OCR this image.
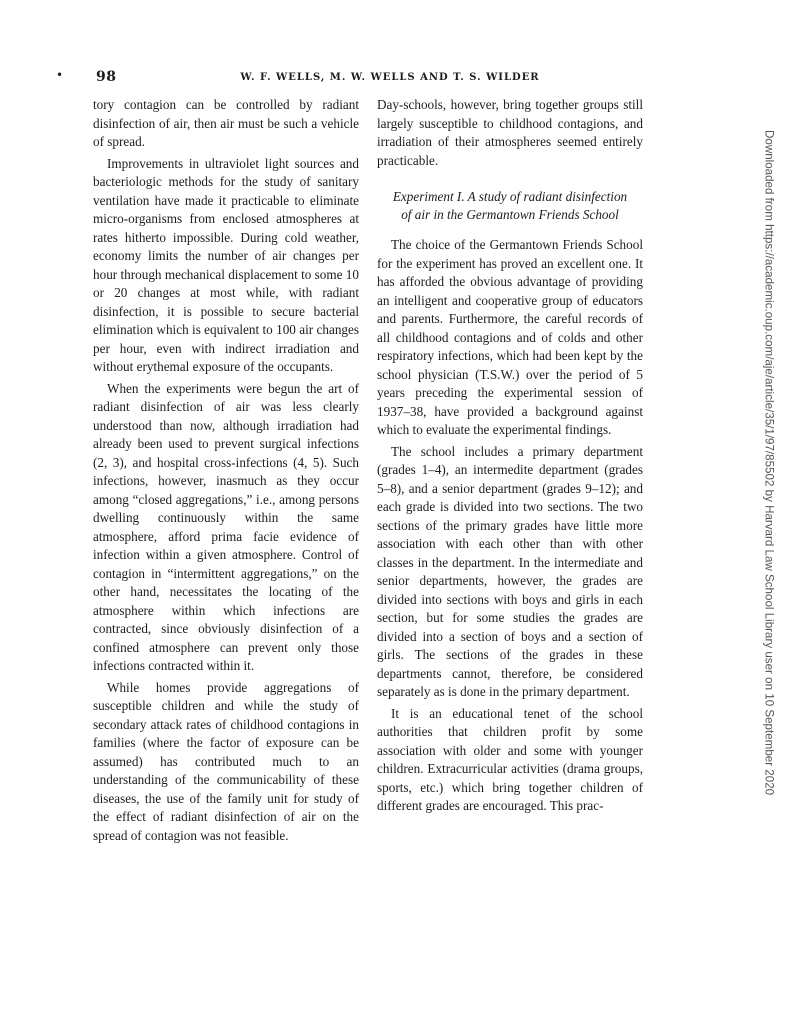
• 98	W. F. WELLS, M. W. WELLS AND T. S. WILDER

tory contagion can be controlled by radiant disinfection of air, then air must be such a vehicle of spread.

Improvements in ultraviolet light sources and bacteriologic methods for the study of sanitary ventilation have made it practicable to eliminate micro-organisms from enclosed atmospheres at rates hitherto impossible. During cold weather, economy limits the number of air changes per hour through mechanical displacement to some 10 or 20 changes at most while, with radiant disinfection, it is possible to secure bacterial elimination which is equivalent to 100 air changes per hour, even with indirect irradiation and without erythemal exposure of the occupants.

When the experiments were begun the art of radiant disinfection of air was less clearly understood than now, although irradiation had already been used to prevent surgical infections (2, 3), and hospital cross-infections (4, 5). Such infections, however, inasmuch as they occur among “closed aggregations,” i.e., among persons dwelling continuously within the same atmosphere, afford prima facie evidence of infection within a given atmosphere. Control of contagion in “intermittent aggregations,” on the other hand, necessitates the locating of the atmosphere within which infections are contracted, since obviously disinfection of a confined atmosphere can prevent only those infections contracted within it.

While homes provide aggregations of susceptible children and while the study of secondary attack rates of childhood contagions in families (where the factor of exposure can be assumed) has contributed much to an understanding of the communicability of these diseases, the use of the family unit for study of the effect of radiant disinfection of air on the spread of contagion was not feasible.

Day-schools, however, bring together groups still largely susceptible to childhood contagions, and irradiation of their atmospheres seemed entirely practicable.

Experiment I. A study of radiant disinfection of air in the Germantown Friends School

The choice of the Germantown Friends School for the experiment has proved an excellent one. It has afforded the obvious advantage of providing an intelligent and cooperative group of educators and parents. Furthermore, the careful records of all childhood contagions and of colds and other respiratory infections, which had been kept by the school physician (T.S.W.) over the period of 5 years preceding the experimental session of 1937–38, have provided a background against which to evaluate the experimental findings.

The school includes a primary department (grades 1–4), an intermedite department (grades 5–8), and a senior department (grades 9–12); and each grade is divided into two sections. The two sections of the primary grades have little more association with each other than with other classes in the department. In the intermediate and senior departments, however, the grades are divided into sections with boys and girls in each section, but for some studies the grades are divided into a section of boys and a section of girls. The sections of the grades in these departments cannot, therefore, be considered separately as is done in the primary department.

It is an educational tenet of the school authorities that children profit by some association with older and some with younger children. Extracurricular activities (drama groups, sports, etc.) which bring together children of different grades are encouraged. This prac-

Downloaded from https://academic.oup.com/aje/article/35/1/97/85502 by Harvard Law School Library user on 10 September 2020
